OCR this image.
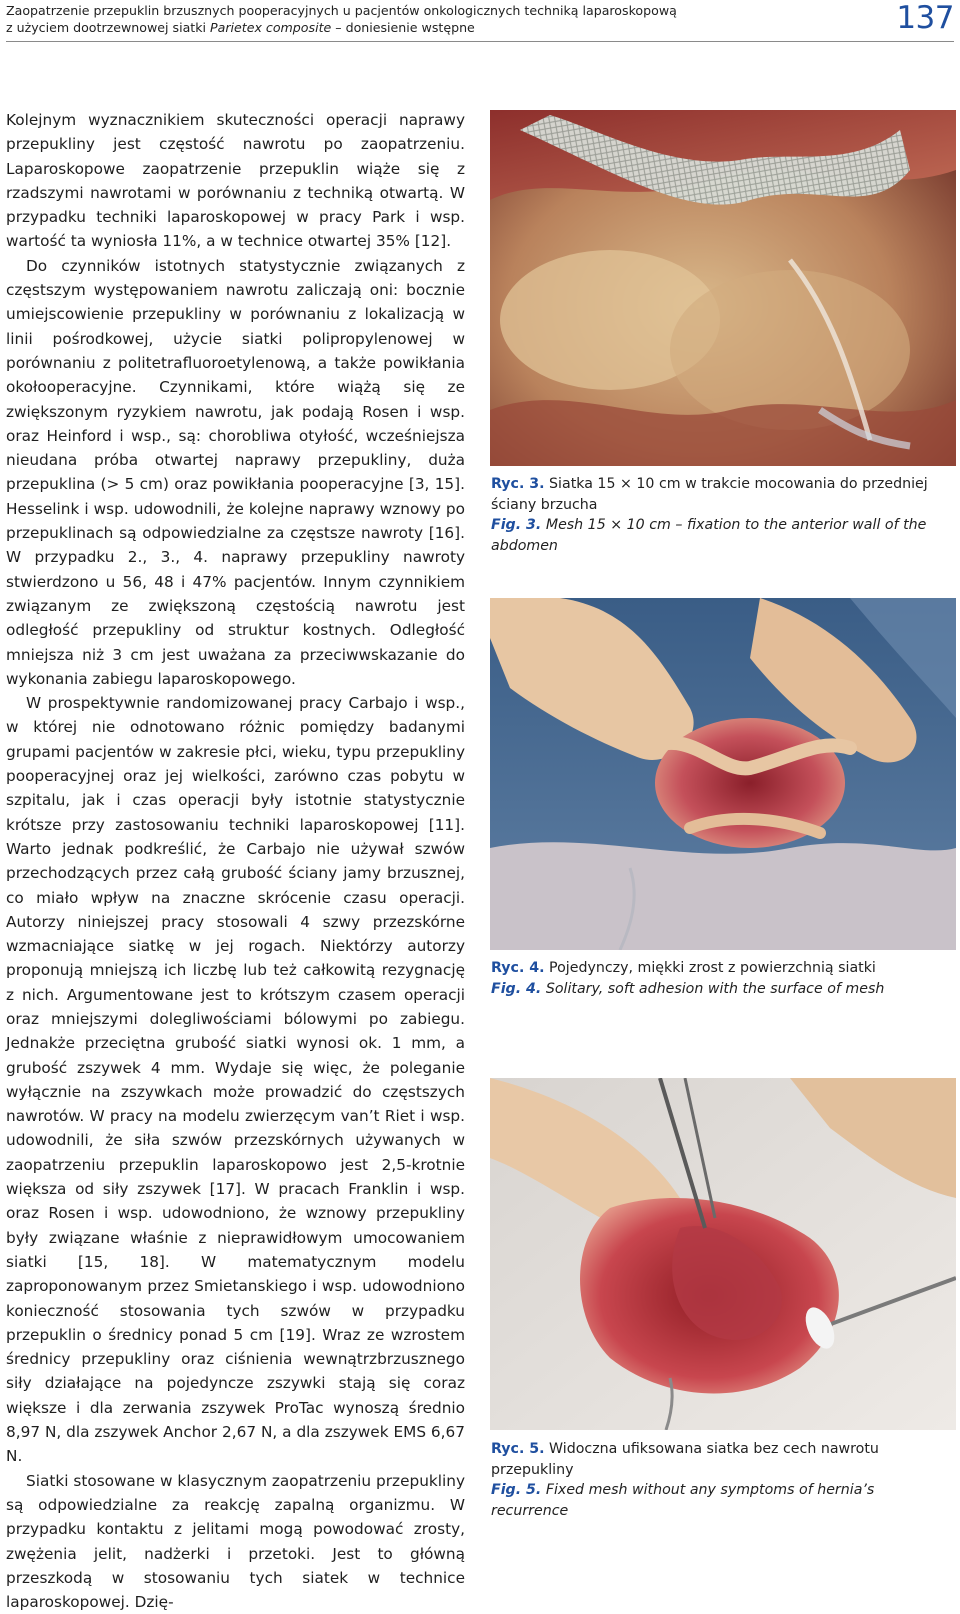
Zaopatrzenie przepuklin brzusznych pooperacyjnych u pacjentów onkologicznych techniką laparoskopową
z użyciem dootrzewnowej siatki Parietex composite – doniesienie wstępne	137

Kolejnym wyznacznikiem skuteczności operacji naprawy przepukliny jest częstość nawrotu po zaopatrzeniu. Laparoskopowe zaopatrzenie przepuklin wiąże się z rzadszymi nawrotami w porównaniu z techniką otwartą. W przypadku techniki laparoskopowej w pracy Park i wsp. wartość ta wyniosła 11%, a w technice otwartej 35% [12].

Do czynników istotnych statystycznie związanych z częstszym występowaniem nawrotu zaliczają oni: bocznie umiejscowienie przepukliny w porównaniu z lokalizacją w linii pośrodkowej, użycie siatki polipropylenowej w porównaniu z politetrafluoroetylenową, a także powikłania okołooperacyjne. Czynnikami, które wiążą się ze zwiększonym ryzykiem nawrotu, jak podają Rosen i wsp. oraz Heinford i wsp., są: chorobliwa otyłość, wcześniejsza nieudana próba otwartej naprawy przepukliny, duża przepuklina (> 5 cm) oraz powikłania pooperacyjne [3, 15]. Hesselink i wsp. udowodnili, że kolejne naprawy wznowy po przepuklinach są odpowiedzialne za częstsze nawroty [16]. W przypadku 2., 3., 4. naprawy przepukliny nawroty stwierdzono u 56, 48 i 47% pacjentów. Innym czynnikiem związanym ze zwiększoną częstością nawrotu jest odległość przepukliny od struktur kostnych. Odległość mniejsza niż 3 cm jest uważana za przeciwwskazanie do wykonania zabiegu laparoskopowego.

W prospektywnie randomizowanej pracy Carbajo i wsp., w której nie odnotowano różnic pomiędzy badanymi grupami pacjentów w zakresie płci, wieku, typu przepukliny pooperacyjnej oraz jej wielkości, zarówno czas pobytu w szpitalu, jak i czas operacji były istotnie statystycznie krótsze przy zastosowaniu techniki laparoskopowej [11]. Warto jednak podkreślić, że Carbajo nie używał szwów przechodzących przez całą grubość ściany jamy brzusznej, co miało wpływ na znaczne skrócenie czasu operacji. Autorzy niniejszej pracy stosowali 4 szwy przezskórne wzmacniające siatkę w jej rogach. Niektórzy autorzy proponują mniejszą ich liczbę lub też całkowitą rezygnację z nich. Argumentowane jest to krótszym czasem operacji oraz mniejszymi dolegliwościami bólowymi po zabiegu. Jednakże przeciętna grubość siatki wynosi ok. 1 mm, a grubość zszywek 4 mm. Wydaje się więc, że poleganie wyłącznie na zszywkach może prowadzić do częstszych nawrotów. W pracy na modelu zwierzęcym van’t Riet i wsp. udowodnili, że siła szwów przezskórnych używanych w zaopatrzeniu przepuklin laparoskopowo jest 2,5-krotnie większa od siły zszywek [17]. W pracach Franklin i wsp. oraz Rosen i wsp. udowodniono, że wznowy przepukliny były związane właśnie z nieprawidłowym umocowaniem siatki [15, 18]. W matematycznym modelu zaproponowanym przez Smietanskiego i wsp. udowodniono konieczność stosowania tych szwów w przypadku przepuklin o średnicy ponad 5 cm [19]. Wraz ze wzrostem średnicy przepukliny oraz ciśnienia wewnątrzbrzusznego siły działające na pojedyncze zszywki stają się coraz większe i dla zerwania zszywek ProTac wynoszą średnio 8,97 N, dla zszywek Anchor 2,67 N, a dla zszywek EMS 6,67 N.

Siatki stosowane w klasycznym zaopatrzeniu przepukliny są odpowiedzialne za reakcję zapalną organizmu. W przypadku kontaktu z jelitami mogą powodować zrosty, zwężenia jelit, nadżerki i przetoki. Jest to główną przeszkodą w stosowaniu tych siatek w technice laparoskopowej. Dzię-

Ryc. 3. Siatka 15 × 10 cm w trakcie mocowania do przedniej ściany brzucha
Fig. 3. Mesh 15 × 10 cm – fixation to the anterior wall of the abdomen
Ryc. 4. Pojedynczy, miękki zrost z powierzchnią siatki
Fig. 4. Solitary, soft adhesion with the surface of mesh
Ryc. 5. Widoczna ufiksowana siatka bez cech nawrotu przepukliny
Fig. 5. Fixed mesh without any symptoms of hernia’s recurrence
